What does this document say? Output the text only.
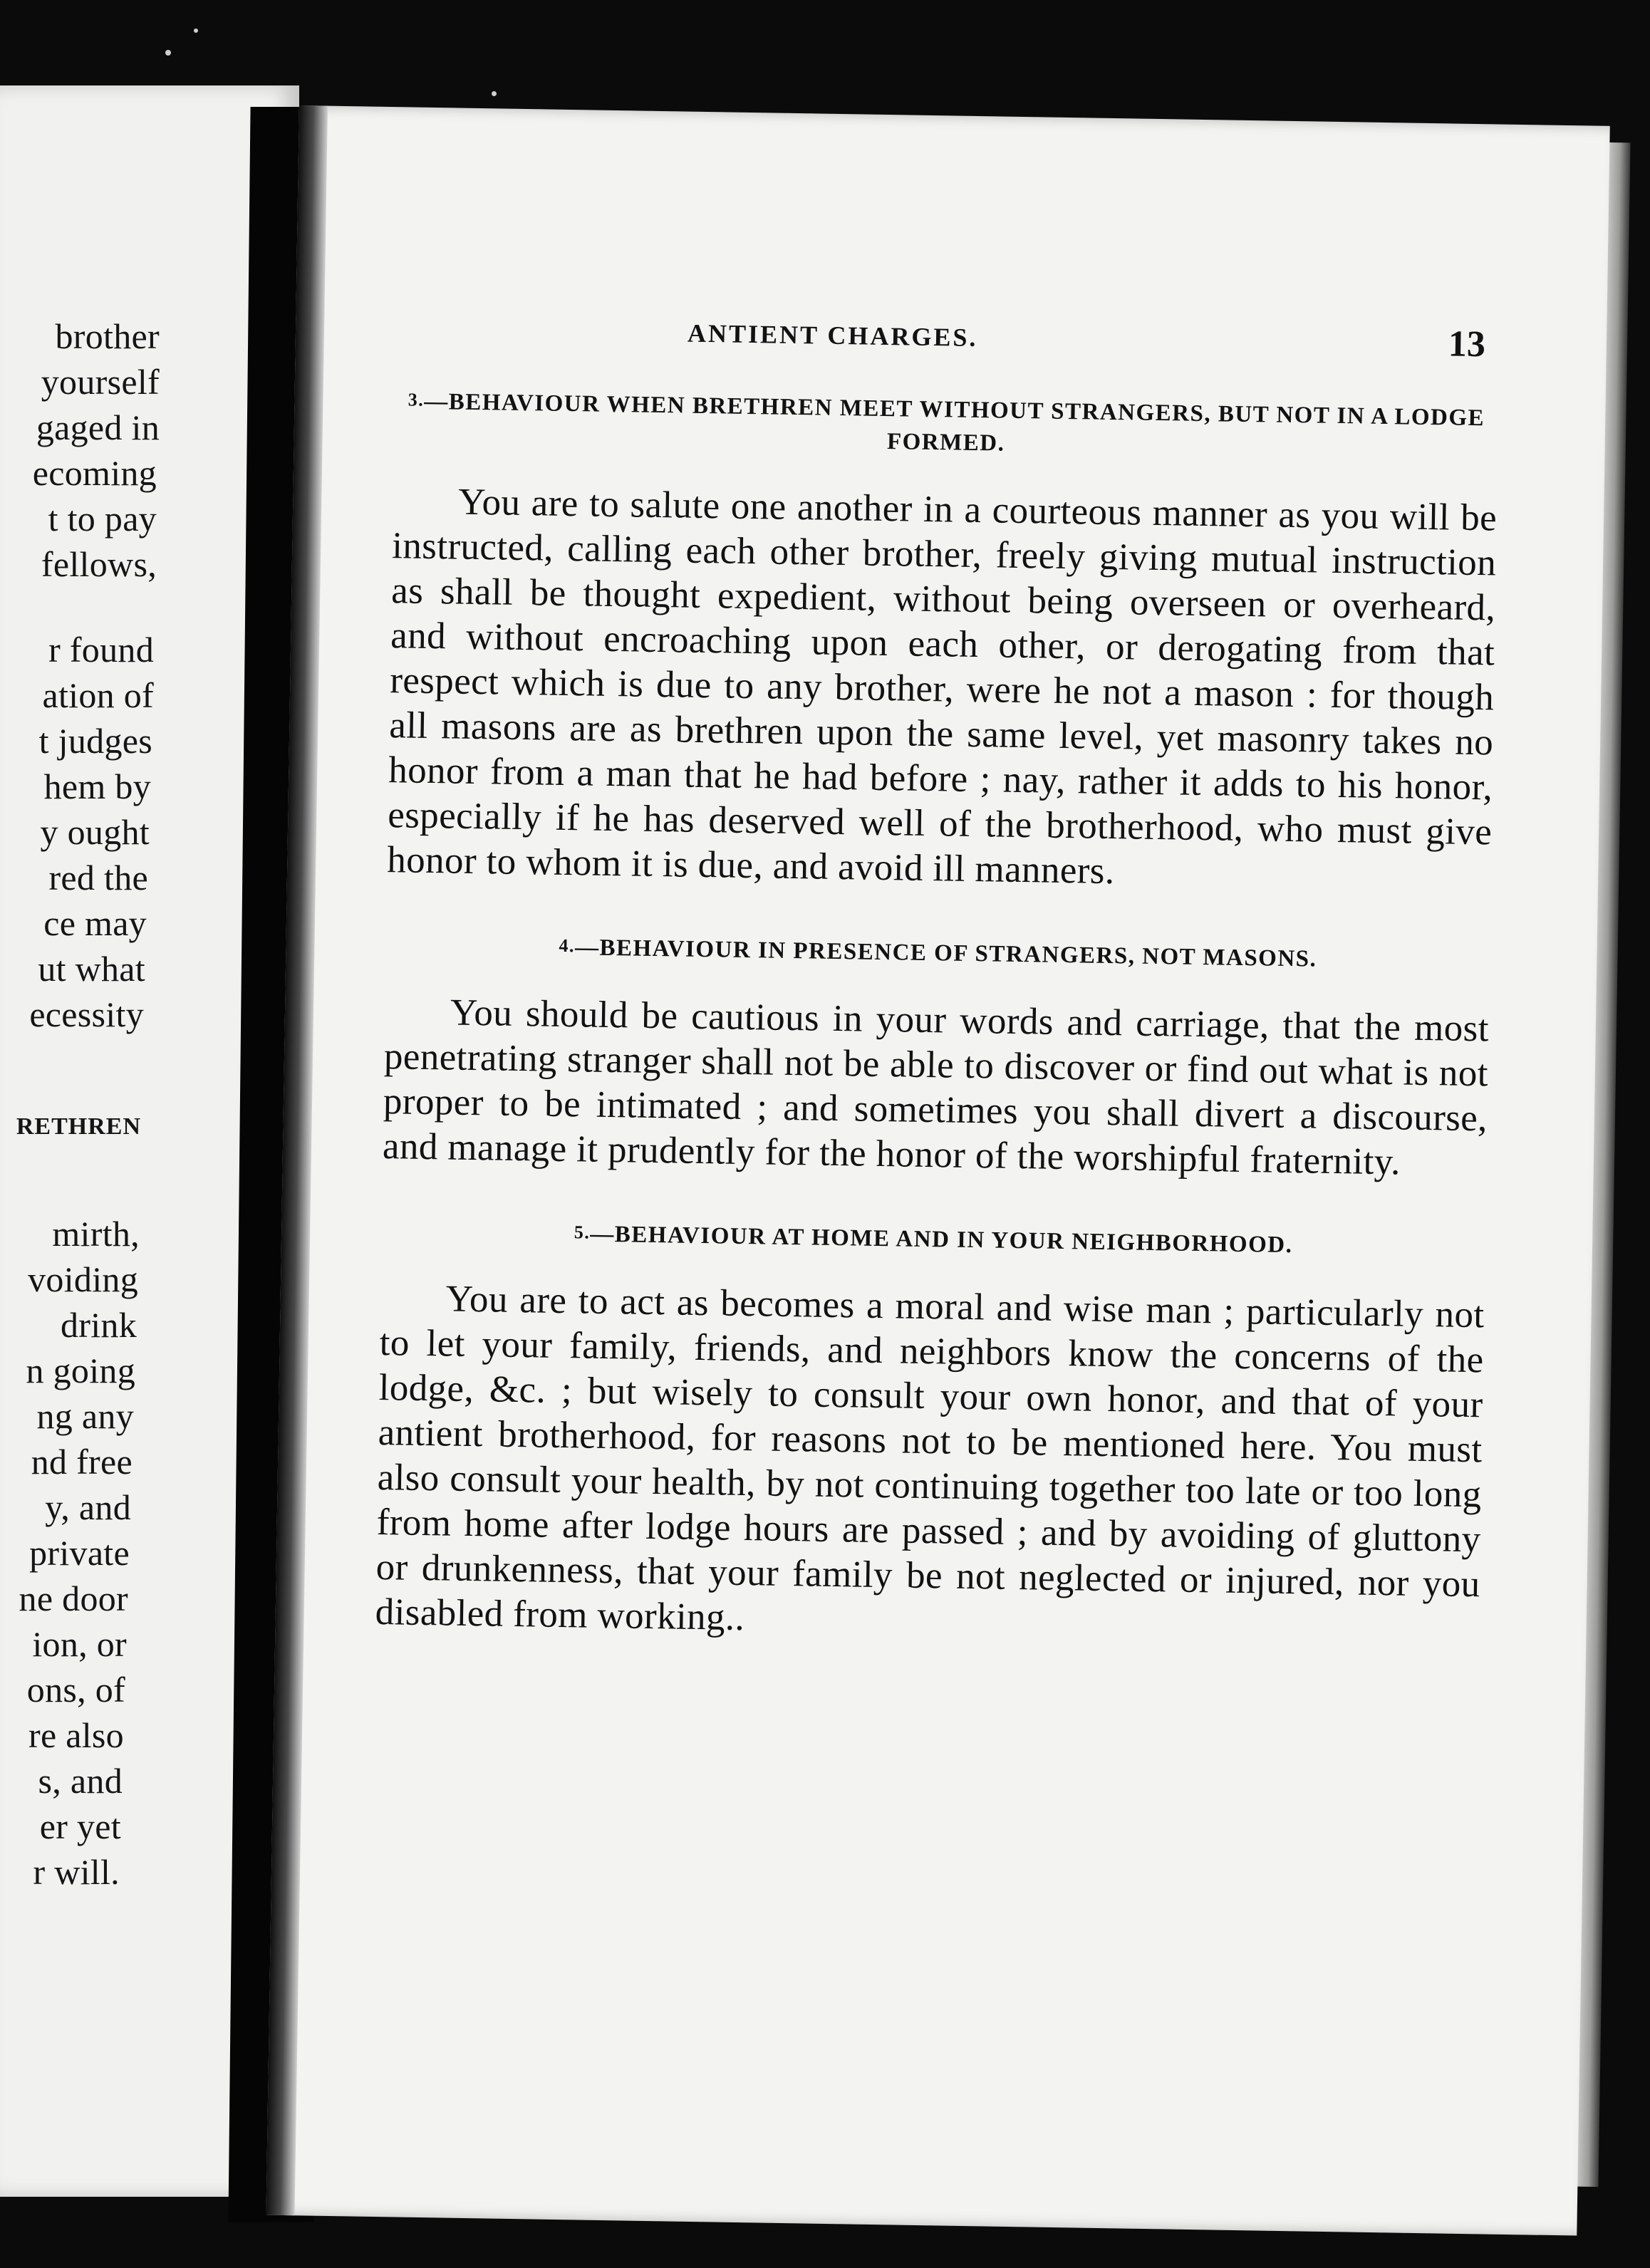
brother
yourself
gaged in
ecoming
t to pay
fellows,
r found
ation of
t judges
hem by
y ought
red the
ce may
ut what
ecessity
RETHREN
mirth,
voiding
drink
n going
ng any
nd free
y, and
private
ne door
ion, or
ons, of
re also
s, and
er yet
r will.
ANTIENT CHARGES.	13
3.—BEHAVIOUR WHEN BRETHREN MEET WITHOUT STRANGERS, BUT NOT IN A LODGE FORMED.

You are to salute one another in a courteous manner as you will be instructed, calling each other brother, freely giving mutual instruction as shall be thought expedient, without being overseen or overheard, and without encroaching upon each other, or derogating from that respect which is due to any brother, were he not a mason : for though all masons are as brethren upon the same level, yet masonry takes no honor from a man that he had before ; nay, rather it adds to his honor, especially if he has deserved well of the brotherhood, who must give honor to whom it is due, and avoid ill manners.

4.—BEHAVIOUR IN PRESENCE OF STRANGERS, NOT MASONS.

You should be cautious in your words and carriage, that the most penetrating stranger shall not be able to discover or find out what is not proper to be intimated ; and sometimes you shall divert a discourse, and manage it prudently for the honor of the worshipful fraternity.

5.—BEHAVIOUR AT HOME AND IN YOUR NEIGHBORHOOD.

You are to act as becomes a moral and wise man ; particularly not to let your family, friends, and neighbors know the concerns of the lodge, &c. ; but wisely to consult your own honor, and that of your antient brotherhood, for reasons not to be mentioned here. You must also consult your health, by not continuing together too late or too long from home after lodge hours are passed ; and by avoiding of gluttony or drunkenness, that your family be not neglected or injured, nor you disabled from working..
